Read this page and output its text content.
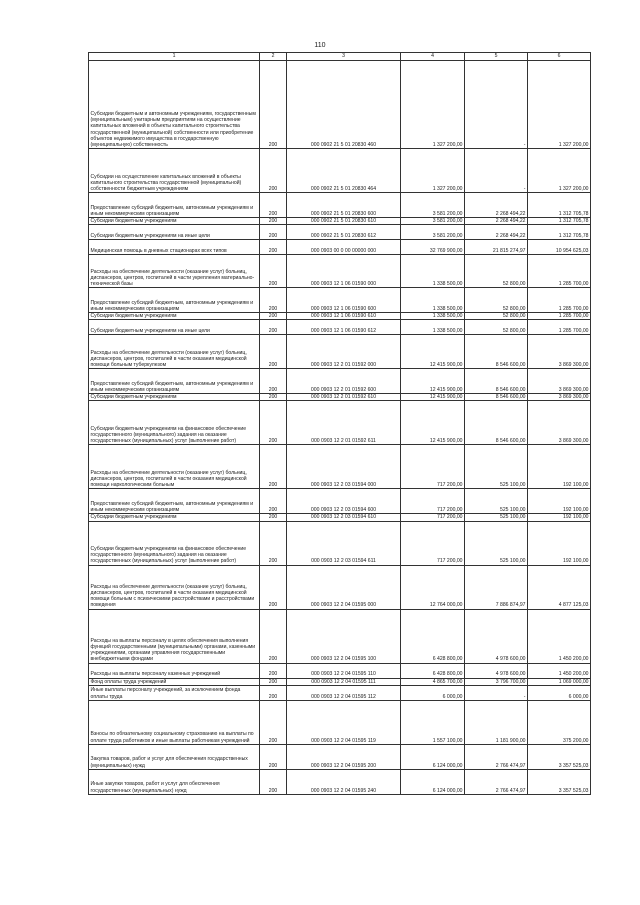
110
1	2	3	4	5	6
Субсидии бюджетным и автономным учреждениям, государственным (муниципальным) унитарным предприятиям на осуществление капитальных вложений в объекты капитального строительства государственной (муниципальной) собственности или приобретение объектов недвижимого имущества в государственную (муниципальную) собственность	200	000 0902 21 5 01 20830 460	1 327 200,00	-	1 327 200,00
Субсидии на осуществление капитальных вложений в объекты капитального строительства государственной (муниципальной) собственности бюджетным учреждениям	200	000 0902 21 5 01 20830 464	1 327 200,00	-	1 327 200,00
Предоставление субсидий бюджетным, автономным учреждениям и иным некоммерческим организациям	200	000 0902 21 5 01 20830 600	3 581 200,00	2 268 494,22	1 312 705,78
Субсидии бюджетным учреждениям	200	000 0902 21 5 01 20830 610	3 581 200,00	2 268 494,22	1 312 705,78
Субсидии бюджетным учреждениям на иные цели	200	000 0902 21 5 01 20830 612	3 581 200,00	2 268 494,22	1 312 705,78
Медицинская помощь в дневных стационарах всех типов	200	000 0903 00 0 00 00000 000	32 769 900,00	21 815 274,97	10 954 625,03
Расходы на обеспечение деятельности (оказание услуг) больниц, диспансеров, центров, госпиталей в части укрепления материально-технической базы	200	000 0903 12 1 06 01590 000	1 338 500,00	52 800,00	1 285 700,00
Предоставление субсидий бюджетным, автономным учреждениям и иным некоммерческим организациям	200	000 0903 12 1 06 01590 600	1 338 500,00	52 800,00	1 285 700,00
Субсидии бюджетным учреждениям	200	000 0903 12 1 06 01590 610	1 338 500,00	52 800,00	1 285 700,00
Субсидии бюджетным учреждениям на иные цели	200	000 0903 12 1 06 01590 612	1 338 500,00	52 800,00	1 285 700,00
Расходы на обеспечение деятельности (оказание услуг) больниц, диспансеров, центров, госпиталей в части оказания медицинской помощи больным туберкулезом	200	000 0903 12 2 01 01592 000	12 415 900,00	8 546 600,00	3 869 300,00
Предоставление субсидий бюджетным, автономным учреждениям и иным некоммерческим организациям	200	000 0903 12 2 01 01592 600	12 415 900,00	8 546 600,00	3 869 300,00
Субсидии бюджетным учреждениям	200	000 0903 12 2 01 01592 610	12 415 900,00	8 546 600,00	3 869 300,00
Субсидии бюджетным учреждениям на финансовое обеспечение государственного (муниципального) задания на оказание государственных (муниципальных) услуг (выполнение работ)	200	000 0903 12 2 01 01592 611	12 415 900,00	8 546 600,00	3 869 300,00
Расходы на обеспечение деятельности (оказание услуг) больниц, диспансеров, центров, госпиталей в части оказания медицинской помощи наркологическим больным	200	000 0903 12 2 03 01594 000	717 200,00	525 100,00	192 100,00
Предоставление субсидий бюджетным, автономным учреждениям и иным некоммерческим организациям	200	000 0903 12 2 03 01594 600	717 200,00	525 100,00	192 100,00
Субсидии бюджетным учреждениям	200	000 0903 12 2 03 01594 610	717 200,00	525 100,00	192 100,00
Субсидии бюджетным учреждениям на финансовое обеспечение государственного (муниципального) задания на оказание государственных (муниципальных) услуг (выполнение работ)	200	000 0903 12 2 03 01594 611	717 200,00	525 100,00	192 100,00
Расходы на обеспечение деятельности (оказание услуг) больниц, диспансеров, центров, госпиталей в части оказания медицинской помощи больным с психическими расстройствами и расстройствами поведения	200	000 0903 12 2 04 01595 000	12 764 000,00	7 886 874,97	4 877 125,03
Расходы на выплаты персоналу в целях обеспечения выполнения функций государственными (муниципальными) органами, казенными учреждениями, органами управления государственными внебюджетными фондами	200	000 0903 12 2 04 01595 100	6 428 800,00	4 978 600,00	1 450 200,00
Расходы на выплаты персоналу казенных учреждений	200	000 0903 12 2 04 01595 110	6 428 800,00	4 978 600,00	1 450 200,00
Фонд оплаты труда учреждений	200	000 0903 12 2 04 01595 111	4 865 700,00	3 796 700,00	1 069 000,00
Иные выплаты персоналу учреждений, за исключением фонда оплаты труда	200	000 0903 12 2 04 01595 112	6 000,00	-	6 000,00
Взносы по обязательному социальному страхованию на выплаты по оплате труда работников и иные выплаты работникам учреждений	200	000 0903 12 2 04 01595 119	1 557 100,00	1 181 900,00	375 200,00
Закупка товаров, работ и услуг для обеспечения государственных (муниципальных) нужд	200	000 0903 12 2 04 01595 200	6 124 000,00	2 766 474,97	3 357 525,03
Иные закупки товаров, работ и услуг для обеспечения государственных (муниципальных) нужд	200	000 0903 12 2 04 01595 240	6 124 000,00	2 766 474,97	3 357 525,03
